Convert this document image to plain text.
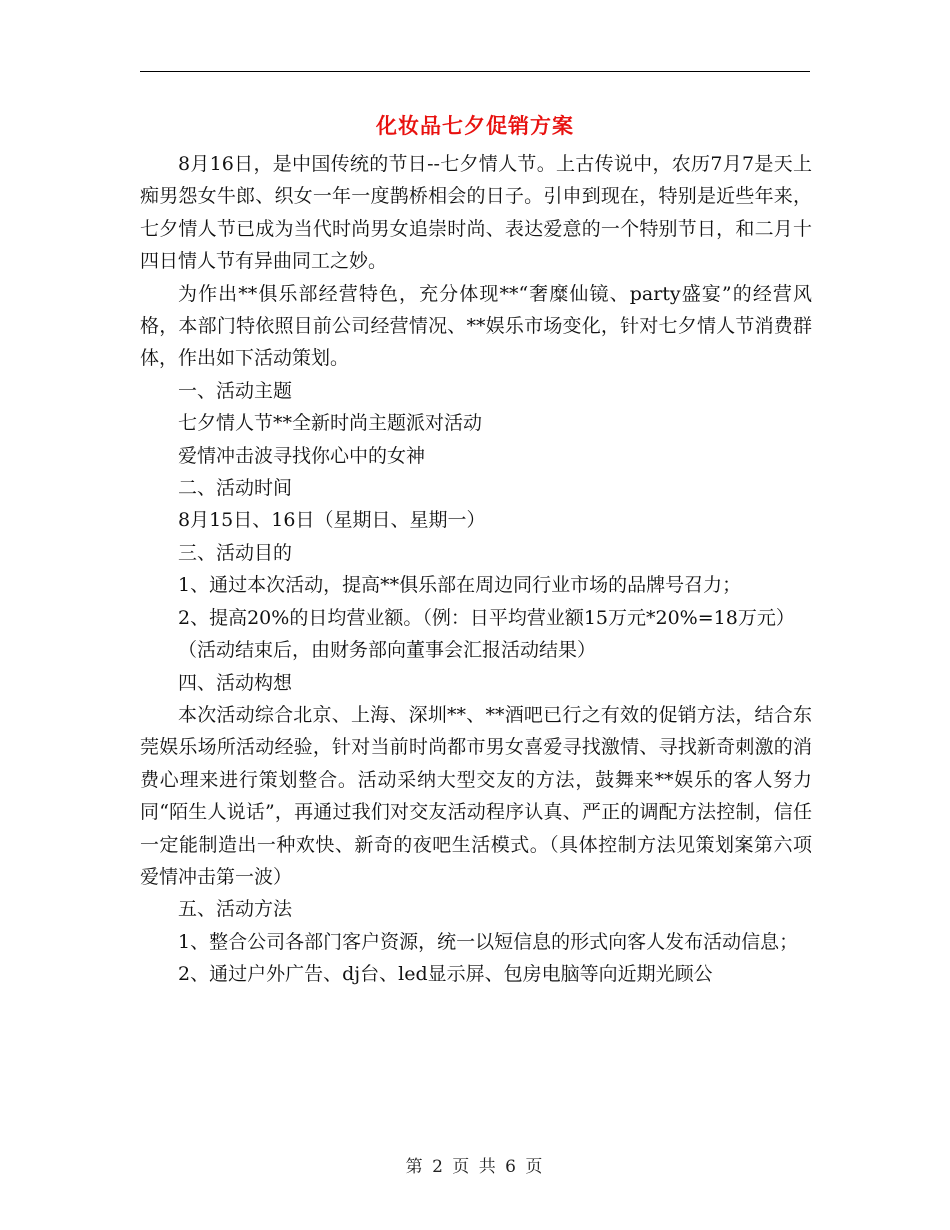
化妆品七夕促销方案

8月16日，是中国传统的节日--七夕情人节。上古传说中，农历7月7是天上痴男怨女牛郎、织女一年一度鹊桥相会的日子。引申到现在，特别是近些年来，七夕情人节已成为当代时尚男女追崇时尚、表达爱意的一个特别节日，和二月十四日情人节有异曲同工之妙。

为作出**俱乐部经营特色，充分体现**“奢糜仙镜、party盛宴”的经营风格，本部门特依照目前公司经营情况、**娱乐市场变化，针对七夕情人节消费群体，作出如下活动策划。

一、活动主题

七夕情人节**全新时尚主题派对活动

爱情冲击波寻找你心中的女神

二、活动时间

8月15日、16日（星期日、星期一）

三、活动目的

1、通过本次活动，提高**俱乐部在周边同行业市场的品牌号召力；

2、提高20%的日均营业额。（例：日平均营业额15万元*20%=18万元）

（活动结束后，由财务部向董事会汇报活动结果）

四、活动构想

本次活动综合北京、上海、深圳**、**酒吧已行之有效的促销方法，结合东莞娱乐场所活动经验，针对当前时尚都市男女喜爱寻找激情、寻找新奇刺激的消费心理来进行策划整合。活动采纳大型交友的方法，鼓舞来**娱乐的客人努力同“陌生人说话”，再通过我们对交友活动程序认真、严正的调配方法控制，信任一定能制造出一种欢快、新奇的夜吧生活模式。（具体控制方法见策划案第六项爱情冲击第一波）

五、活动方法

1、整合公司各部门客户资源，统一以短信息的形式向客人发布活动信息；

2、通过户外广告、dj台、led显示屏、包房电脑等向近期光顾公

第 2 页 共 6 页
